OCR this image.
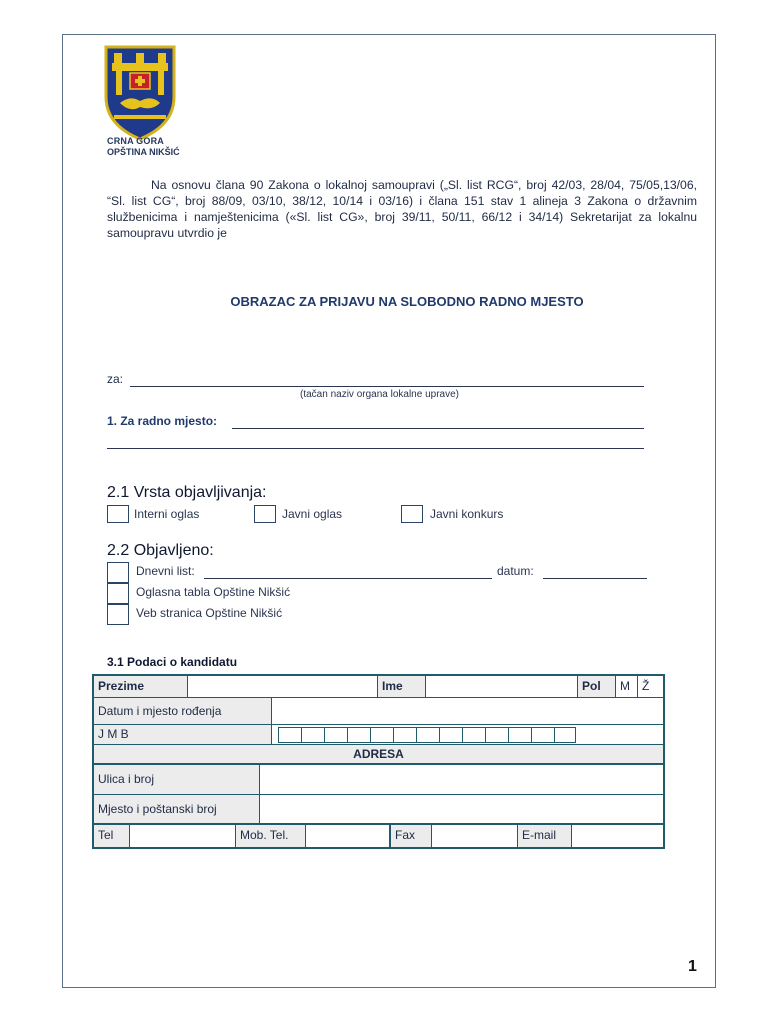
CRNA GORA
OPŠTINA NIKŠIĆ
Na osnovu člana 90 Zakona o lokalnoj samoupravi („Sl. list RCG“, broj 42/03, 28/04, 75/05,13/06, “Sl. list CG“, broj 88/09, 03/10, 38/12, 10/14 i 03/16) i člana 151 stav 1 alineja 3 Zakona o državnim službenicima i namještenicima («Sl. list CG», broj 39/11, 50/11, 66/12 i 34/14) Sekretarijat za lokalnu samoupravu utvrdio je
OBRAZAC ZA PRIJAVU NA SLOBODNO RADNO MJESTO
za:
(tačan naziv organa lokalne uprave)
1. Za radno mjesto:
2.1 Vrsta objavljivanja:
Interni oglas	Javni oglas	Javni konkurs
2.2 Objavljeno:
Dnevni list:	datum:
Oglasna tabla Opštine Nikšić
Veb stranica Opštine Nikšić
3.1 Podaci o kandidatu
Prezime	Ime	Pol	M	Ž
Datum i mjesto rođenja
J M B
ADRESA
Ulica i broj
Mjesto i poštanski broj
Tel	Mob. Tel.	Fax	E-mail
1
